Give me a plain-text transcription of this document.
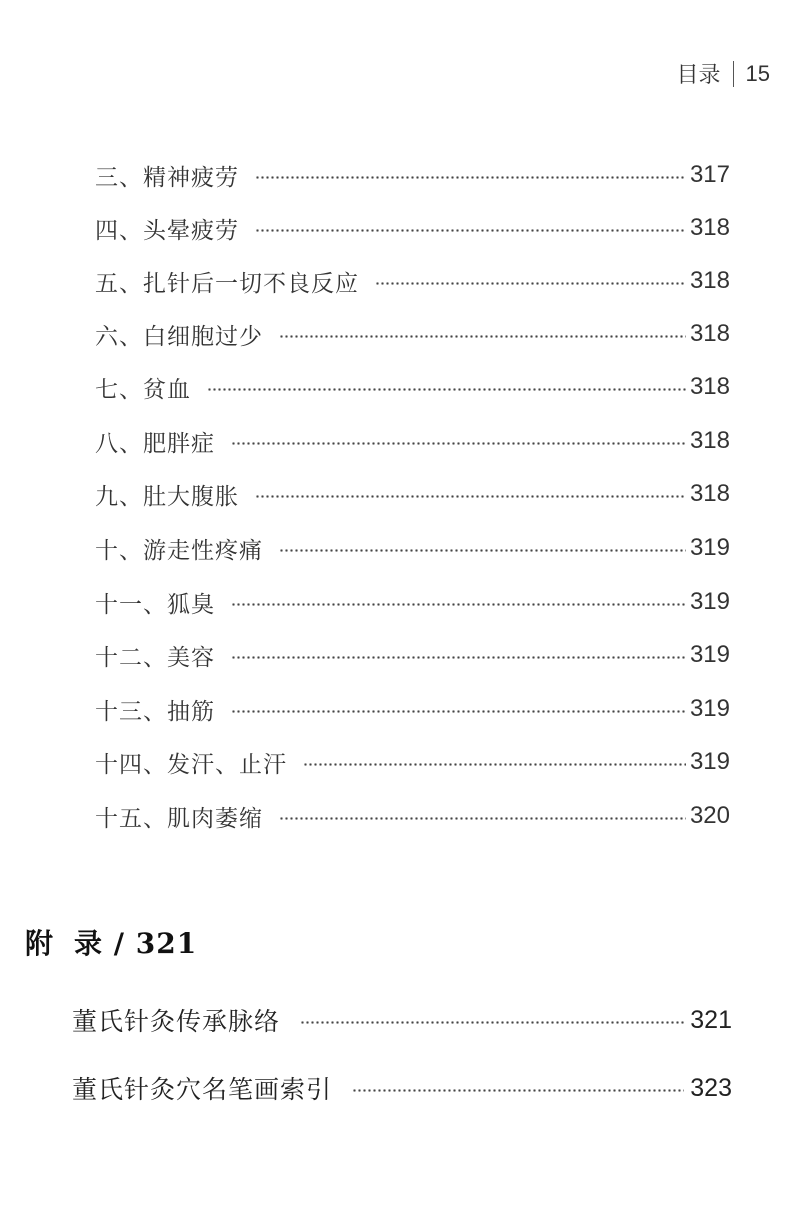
目录 15
三、精神疲劳	317
四、头晕疲劳	318
五、扎针后一切不良反应	318
六、白细胞过少	318
七、贫血	318
八、肥胖症	318
九、肚大腹胀	318
十、游走性疼痛	319
十一、狐臭	319
十二、美容	319
十三、抽筋	319
十四、发汗、止汗	319
十五、肌肉萎缩	320
附 录 / 321
董氏针灸传承脉络	321
董氏针灸穴名笔画索引	323
